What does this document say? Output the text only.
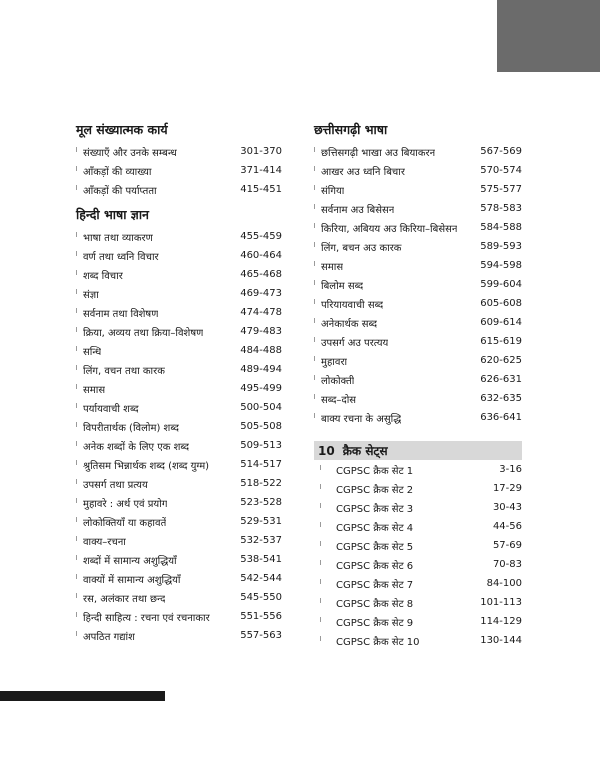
मूल संख्यात्मक कार्य
संख्याएँ और उनके सम्बन्ध	301-370
आँकड़ों की व्याख्या	371-414
आँकड़ों की पर्याप्तता	415-451
हिन्दी भाषा ज्ञान
भाषा तथा व्याकरण	455-459
वर्ण तथा ध्वनि विचार	460-464
शब्द विचार	465-468
संज्ञा	469-473
सर्वनाम तथा विशेषण	474-478
क्रिया, अव्यय तथा क्रिया–विशेषण	479-483
सन्धि	484-488
लिंग, वचन तथा कारक	489-494
समास	495-499
पर्यायवाची शब्द	500-504
विपरीतार्थक (विलोम) शब्द	505-508
अनेक शब्दों के लिए एक शब्द	509-513
श्रुतिसम भिन्नार्थक शब्द (शब्द युग्म)	514-517
उपसर्ग तथा प्रत्यय	518-522
मुहावरे : अर्थ एवं प्रयोग	523-528
लोकोक्तियाँ या कहावतें	529-531
वाक्य–रचना	532-537
शब्दों में सामान्य अशुद्धियाँ	538-541
वाक्यों में सामान्य अशुद्धियाँ	542-544
रस, अलंकार तथा छन्द	545-550
हिन्दी साहित्य : रचना एवं रचनाकार	551-556
अपठित गद्यांश	557-563
छत्तीसगढ़ी भाषा
छत्तिसगढ़ी भाखा अउ बियाकरन	567-569
आखर अउ ध्वनि बिचार	570-574
संगिया	575-577
सर्वनाम अउ बिसेसन	578-583
किरिया, अबियय अउ किरिया–बिसेसन 584-588
लिंग, बचन अउ कारक	589-593
समास	594-598
बिलोम सब्द	599-604
परियायवाची सब्द	605-608
अनेकार्थक सब्द	609-614
उपसर्ग अउ परत्यय	615-619
मुहावरा	620-625
लोकोक्ती	626-631
सब्द–दोस	632-635
बाक्य रचना के असुद्धि	636-641
10 क्रैक सेट्स
CGPSC क्रैक सेट 1	3-16
CGPSC क्रैक सेट 2	17-29
CGPSC क्रैक सेट 3	30-43
CGPSC क्रैक सेट 4	44-56
CGPSC क्रैक सेट 5	57-69
CGPSC क्रैक सेट 6	70-83
CGPSC क्रैक सेट 7	84-100
CGPSC क्रैक सेट 8	101-113
CGPSC क्रैक सेट 9	114-129
CGPSC क्रैक सेट 10	130-144
